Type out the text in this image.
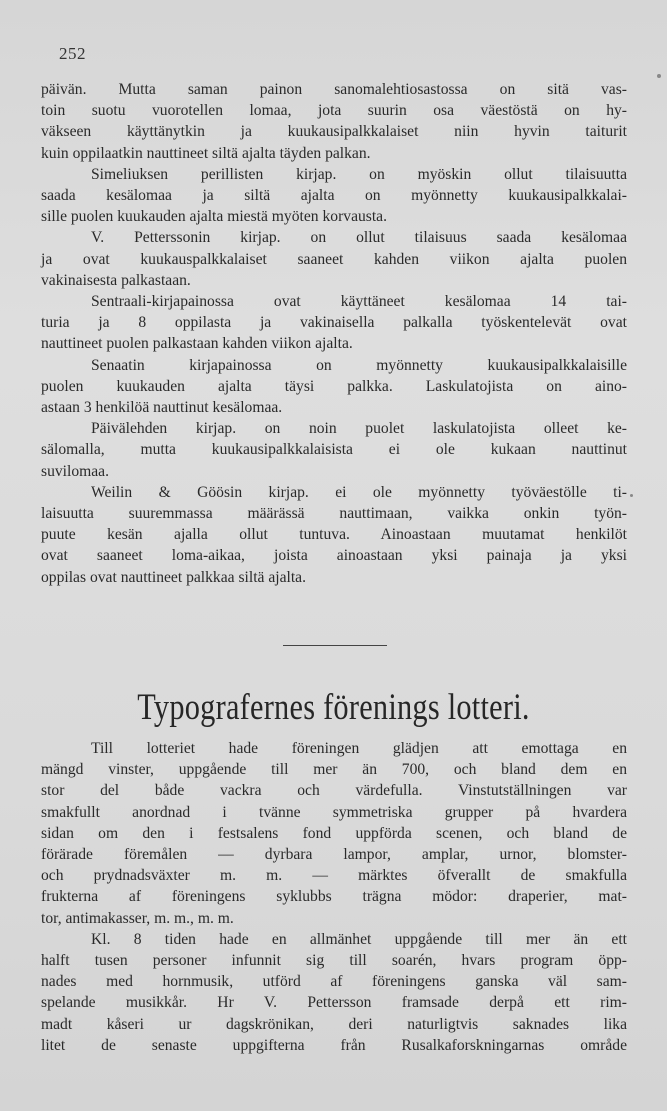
252
päivän. Mutta saman painon sanomalehtiosastossa on sitä vas-
toin suotu vuorotellen lomaa, jota suurin osa väestöstä on hy-
väkseen käyttänytkin ja kuukausipalkkalaiset niin hyvin taiturit
kuin oppilaatkin nauttineet siltä ajalta täyden palkan.
Simeliuksen perillisten kirjap. on myöskin ollut tilaisuutta
saada kesälomaa ja siltä ajalta on myönnetty kuukausipalkkalai-
sille puolen kuukauden ajalta miestä myöten korvausta.
V. Petterssonin kirjap. on ollut tilaisuus saada kesälomaa
ja ovat kuukauspalkkalaiset saaneet kahden viikon ajalta puolen
vakinaisesta palkastaan.
Sentraali-kirjapainossa ovat käyttäneet kesälomaa 14 tai-
turia ja 8 oppilasta ja vakinaisella palkalla työskentelevät ovat
nauttineet puolen palkastaan kahden viikon ajalta.
Senaatin kirjapainossa on myönnetty kuukausipalkkalaisille
puolen kuukauden ajalta täysi palkka. Laskulatojista on aino-
astaan 3 henkilöä nauttinut kesälomaa.
Päivälehden kirjap. on noin puolet laskulatojista olleet ke-
sälomalla, mutta kuukausipalkkalaisista ei ole kukaan nauttinut
suvilomaa.
Weilin & Göösin kirjap. ei ole myönnetty työväestölle ti-
laisuutta suuremmassa määrässä nauttimaan, vaikka onkin työn-
puute kesän ajalla ollut tuntuva. Ainoastaan muutamat henkilöt
ovat saaneet loma-aikaa, joista ainoastaan yksi painaja ja yksi
oppilas ovat nauttineet palkkaa siltä ajalta.
Typografernes förenings lotteri.
Till lotteriet hade föreningen glädjen att emottaga en
mängd vinster, uppgående till mer än 700, och bland dem en
stor del både vackra och värdefulla. Vinstutställningen var
smakfullt anordnad i tvänne symmetriska grupper på hvardera
sidan om den i festsalens fond uppförda scenen, och bland de
förärade föremålen — dyrbara lampor, amplar, urnor, blomster-
och prydnadsväxter m. m. — märktes öfverallt de smakfulla
frukterna af föreningens syklubbs trägna mödor: draperier, mat-
tor, antimakasser, m. m., m. m.
Kl. 8 tiden hade en allmänhet uppgående till mer än ett
halft tusen personer infunnit sig till soarén, hvars program öpp-
nades med hornmusik, utförd af föreningens ganska väl sam-
spelande musikkår. Hr V. Pettersson framsade derpå ett rim-
madt kåseri ur dagskrönikan, deri naturligtvis saknades lika
litet de senaste uppgifterna från Rusalkaforskningarnas område
